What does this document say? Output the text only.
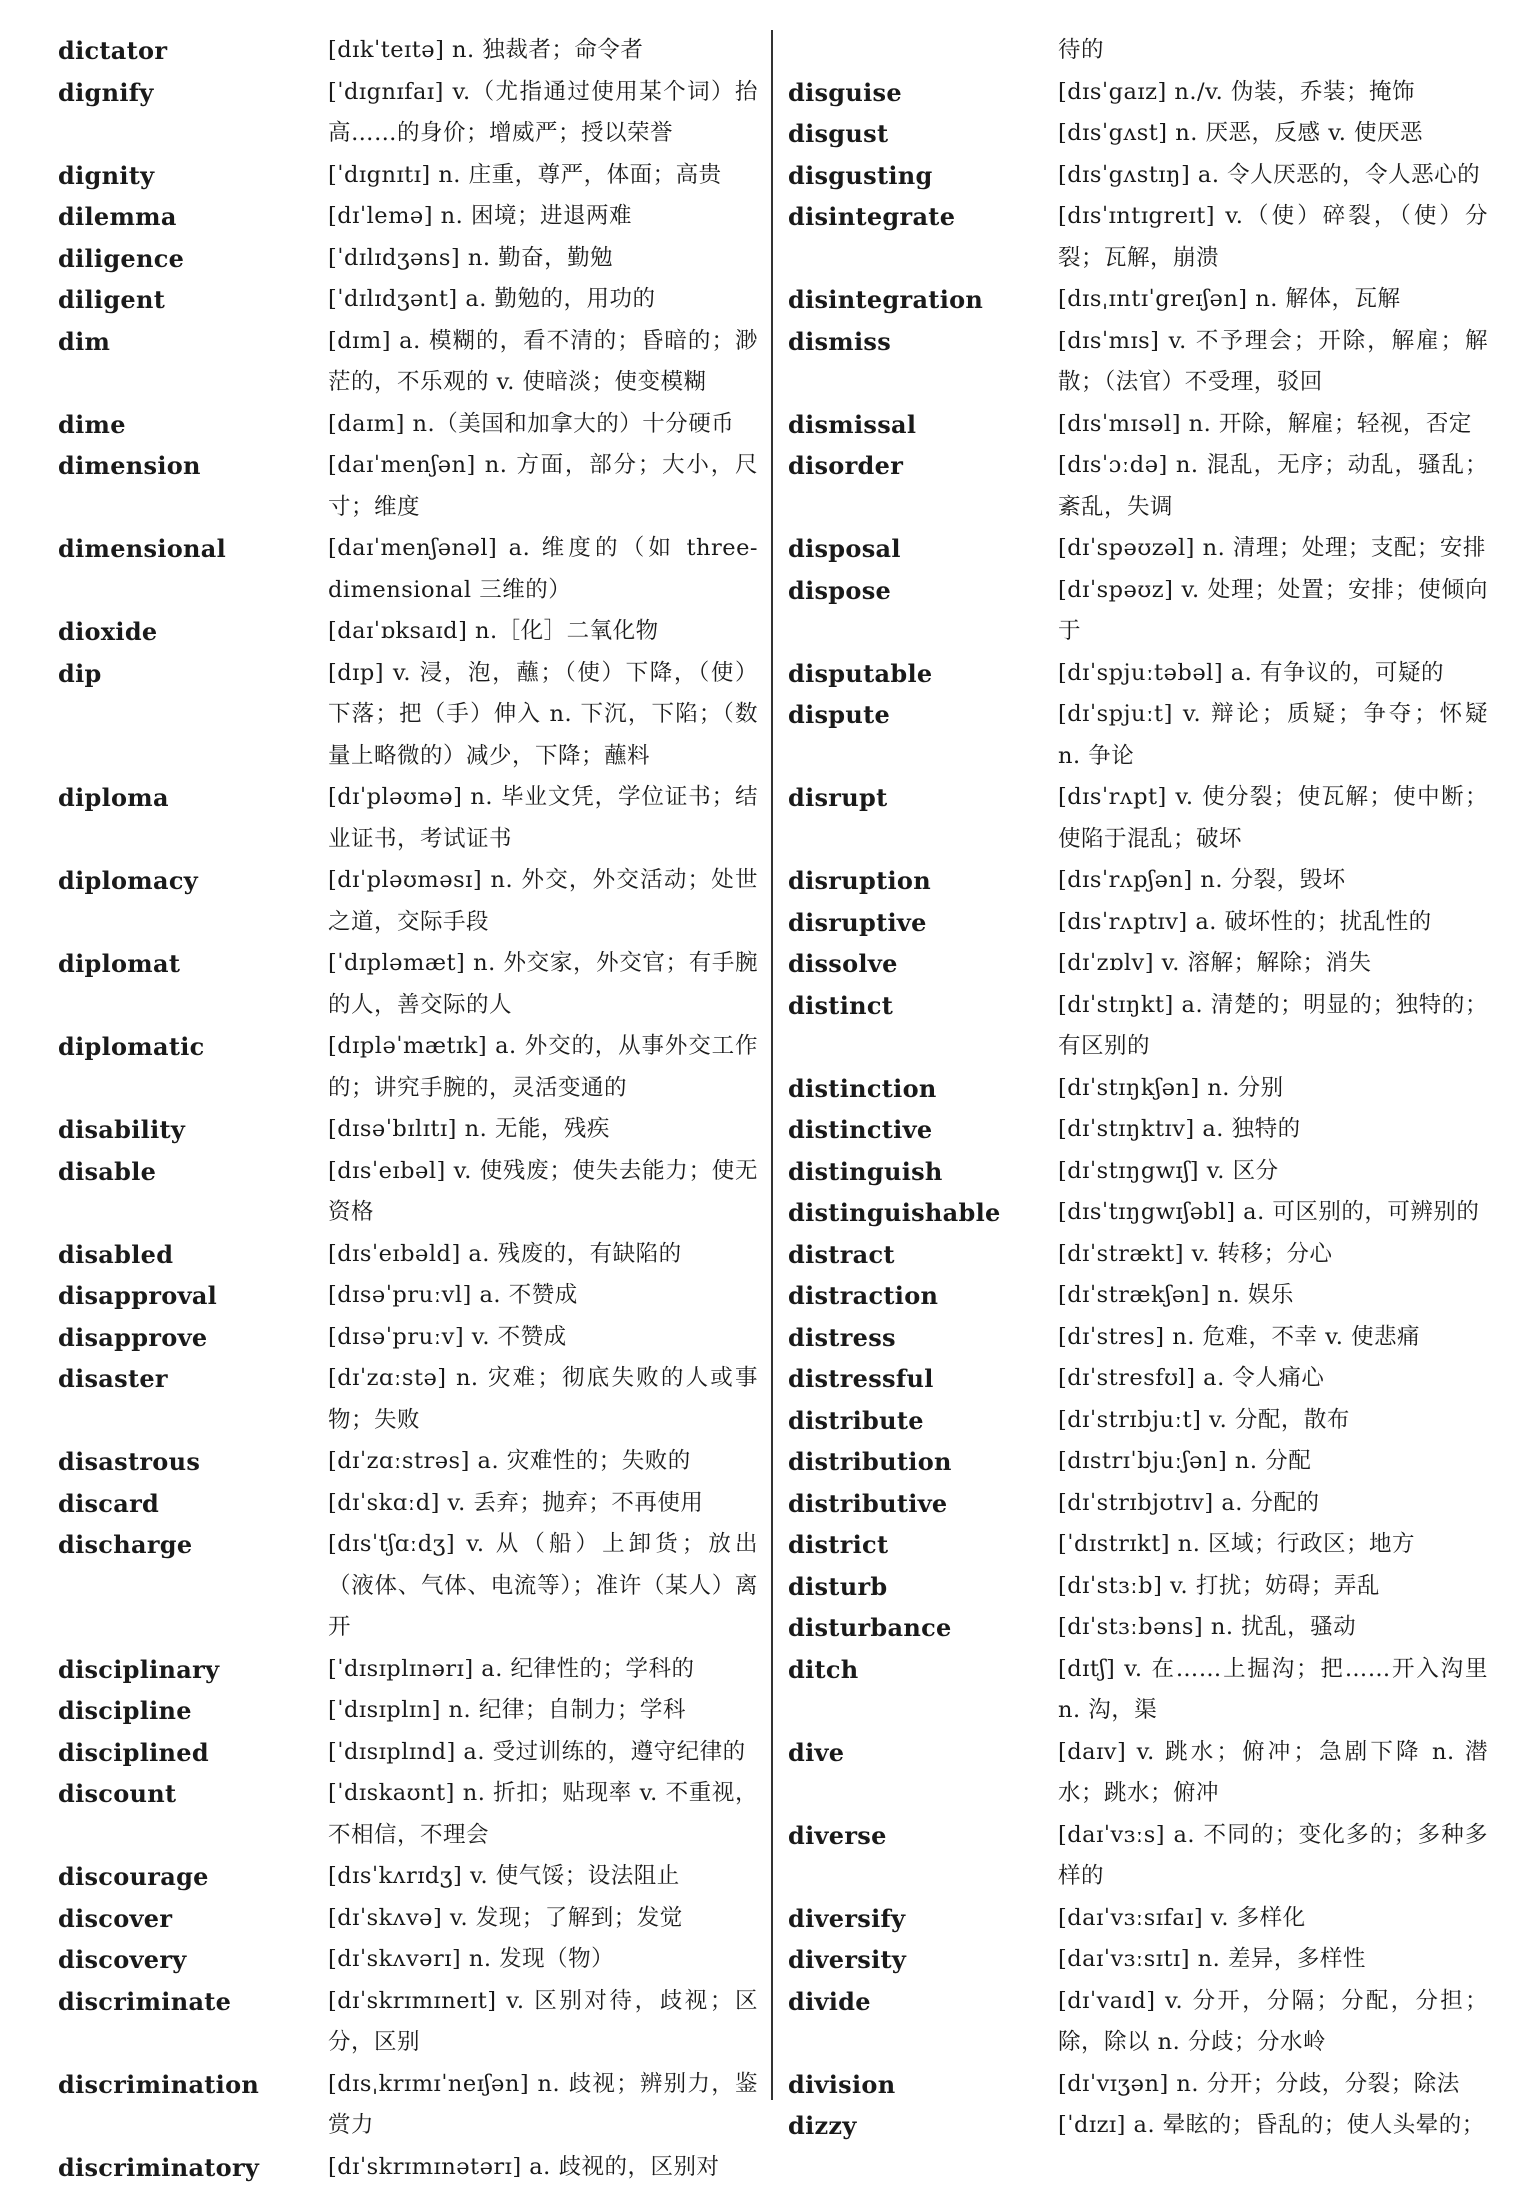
dictator	[dɪkˈteɪtə] n. 独裁者；命令者
dignify	[ˈdɪgnɪfaɪ] v.（尤指通过使用某个词）抬高……的身价；增威严；授以荣誉
dignity	[ˈdɪgnɪtɪ] n. 庄重，尊严，体面；高贵
dilemma	[dɪˈlemə] n. 困境；进退两难
diligence	[ˈdɪlɪdʒəns] n. 勤奋，勤勉
diligent	[ˈdɪlɪdʒənt] a. 勤勉的，用功的
dim	[dɪm] a. 模糊的，看不清的；昏暗的；渺茫的，不乐观的 v. 使暗淡；使变模糊
dime	[daɪm] n.（美国和加拿大的）十分硬币
dimension	[daɪˈmenʃən] n. 方面，部分；大小，尺寸；维度
dimensional	[daɪˈmenʃənəl] a. 维度的（如 three-dimensional 三维的）
dioxide	[daɪˈɒksaɪd] n.［化］二氧化物
dip	[dɪp] v. 浸，泡，蘸；（使）下降，（使）下落；把（手）伸入 n. 下沉，下陷；（数量上略微的）减少，下降；蘸料
diploma	[dɪˈpləʊmə] n. 毕业文凭，学位证书；结业证书，考试证书
diplomacy	[dɪˈpləʊməsɪ] n. 外交，外交活动；处世之道，交际手段
diplomat	[ˈdɪpləmæt] n. 外交家，外交官；有手腕的人，善交际的人
diplomatic	[dɪpləˈmætɪk] a. 外交的，从事外交工作的；讲究手腕的，灵活变通的
disability	[dɪsəˈbɪlɪtɪ] n. 无能，残疾
disable	[dɪsˈeɪbəl] v. 使残废；使失去能力；使无资格
disabled	[dɪsˈeɪbəld] a. 残废的，有缺陷的
disapproval	[dɪsəˈpruːvl] a. 不赞成
disapprove	[dɪsəˈpruːv] v. 不赞成
disaster	[dɪˈzɑːstə] n. 灾难；彻底失败的人或事物；失败
disastrous	[dɪˈzɑːstrəs] a. 灾难性的；失败的
discard	[dɪˈskɑːd] v. 丢弃；抛弃；不再使用
discharge	[dɪsˈtʃɑːdʒ] v. 从（船）上卸货；放出（液体、气体、电流等）；准许（某人）离开
disciplinary	[ˈdɪsɪplɪnərɪ] a. 纪律性的；学科的
discipline	[ˈdɪsɪplɪn] n. 纪律；自制力；学科
disciplined	[ˈdɪsɪplɪnd] a. 受过训练的，遵守纪律的
discount	[ˈdɪskaʊnt] n. 折扣；贴现率 v. 不重视，不相信，不理会
discourage	[dɪsˈkʌrɪdʒ] v. 使气馁；设法阻止
discover	[dɪˈskʌvə] v. 发现；了解到；发觉
discovery	[dɪˈskʌvərɪ] n. 发现（物）
discriminate	[dɪˈskrɪmɪneɪt] v. 区别对待，歧视；区分，区别
discrimination	[dɪsˌkrɪmɪˈneɪʃən] n. 歧视；辨别力，鉴赏力
discriminatory	[dɪˈskrɪmɪnətərɪ] a. 歧视的，区别对
待的
disguise	[dɪsˈgaɪz] n./v. 伪装，乔装；掩饰
disgust	[dɪsˈgʌst] n. 厌恶，反感 v. 使厌恶
disgusting	[dɪsˈgʌstɪŋ] a. 令人厌恶的，令人恶心的
disintegrate	[dɪsˈɪntɪgreɪt] v.（使）碎裂，（使）分裂；瓦解，崩溃
disintegration	[dɪsˌɪntɪˈgreɪʃən] n. 解体，瓦解
dismiss	[dɪsˈmɪs] v. 不予理会；开除，解雇；解散；（法官）不受理，驳回
dismissal	[dɪsˈmɪsəl] n. 开除，解雇；轻视，否定
disorder	[dɪsˈɔːdə] n. 混乱，无序；动乱，骚乱；紊乱，失调
disposal	[dɪˈspəʊzəl] n. 清理；处理；支配；安排
dispose	[dɪˈspəʊz] v. 处理；处置；安排；使倾向于
disputable	[dɪˈspjuːtəbəl] a. 有争议的，可疑的
dispute	[dɪˈspjuːt] v. 辩论；质疑；争夺；怀疑 n. 争论
disrupt	[dɪsˈrʌpt] v. 使分裂；使瓦解；使中断；使陷于混乱；破坏
disruption	[dɪsˈrʌpʃən] n. 分裂，毁坏
disruptive	[dɪsˈrʌptɪv] a. 破坏性的；扰乱性的
dissolve	[dɪˈzɒlv] v. 溶解；解除；消失
distinct	[dɪˈstɪŋkt] a. 清楚的；明显的；独特的；有区别的
distinction	[dɪˈstɪŋkʃən] n. 分别
distinctive	[dɪˈstɪŋktɪv] a. 独特的
distinguish	[dɪˈstɪŋgwɪʃ] v. 区分
distinguishable	[dɪsˈtɪŋgwɪʃəbl] a. 可区别的，可辨别的
distract	[dɪˈstrækt] v. 转移；分心
distraction	[dɪˈstrækʃən] n. 娱乐
distress	[dɪˈstres] n. 危难，不幸 v. 使悲痛
distressful	[dɪˈstresfʊl] a. 令人痛心
distribute	[dɪˈstrɪbjuːt] v. 分配，散布
distribution	[dɪstrɪˈbjuːʃən] n. 分配
distributive	[dɪˈstrɪbjʊtɪv] a. 分配的
district	[ˈdɪstrɪkt] n. 区域；行政区；地方
disturb	[dɪˈstɜːb] v. 打扰；妨碍；弄乱
disturbance	[dɪˈstɜːbəns] n. 扰乱，骚动
ditch	[dɪtʃ] v. 在……上掘沟；把……开入沟里 n. 沟，渠
dive	[daɪv] v. 跳水；俯冲；急剧下降 n. 潜水；跳水；俯冲
diverse	[daɪˈvɜːs] a. 不同的；变化多的；多种多样的
diversify	[daɪˈvɜːsɪfaɪ] v. 多样化
diversity	[daɪˈvɜːsɪtɪ] n. 差异，多样性
divide	[dɪˈvaɪd] v. 分开，分隔；分配，分担；除，除以 n. 分歧；分水岭
division	[dɪˈvɪʒən] n. 分开；分歧，分裂；除法
dizzy	[ˈdɪzɪ] a. 晕眩的；昏乱的；使人头晕的；
